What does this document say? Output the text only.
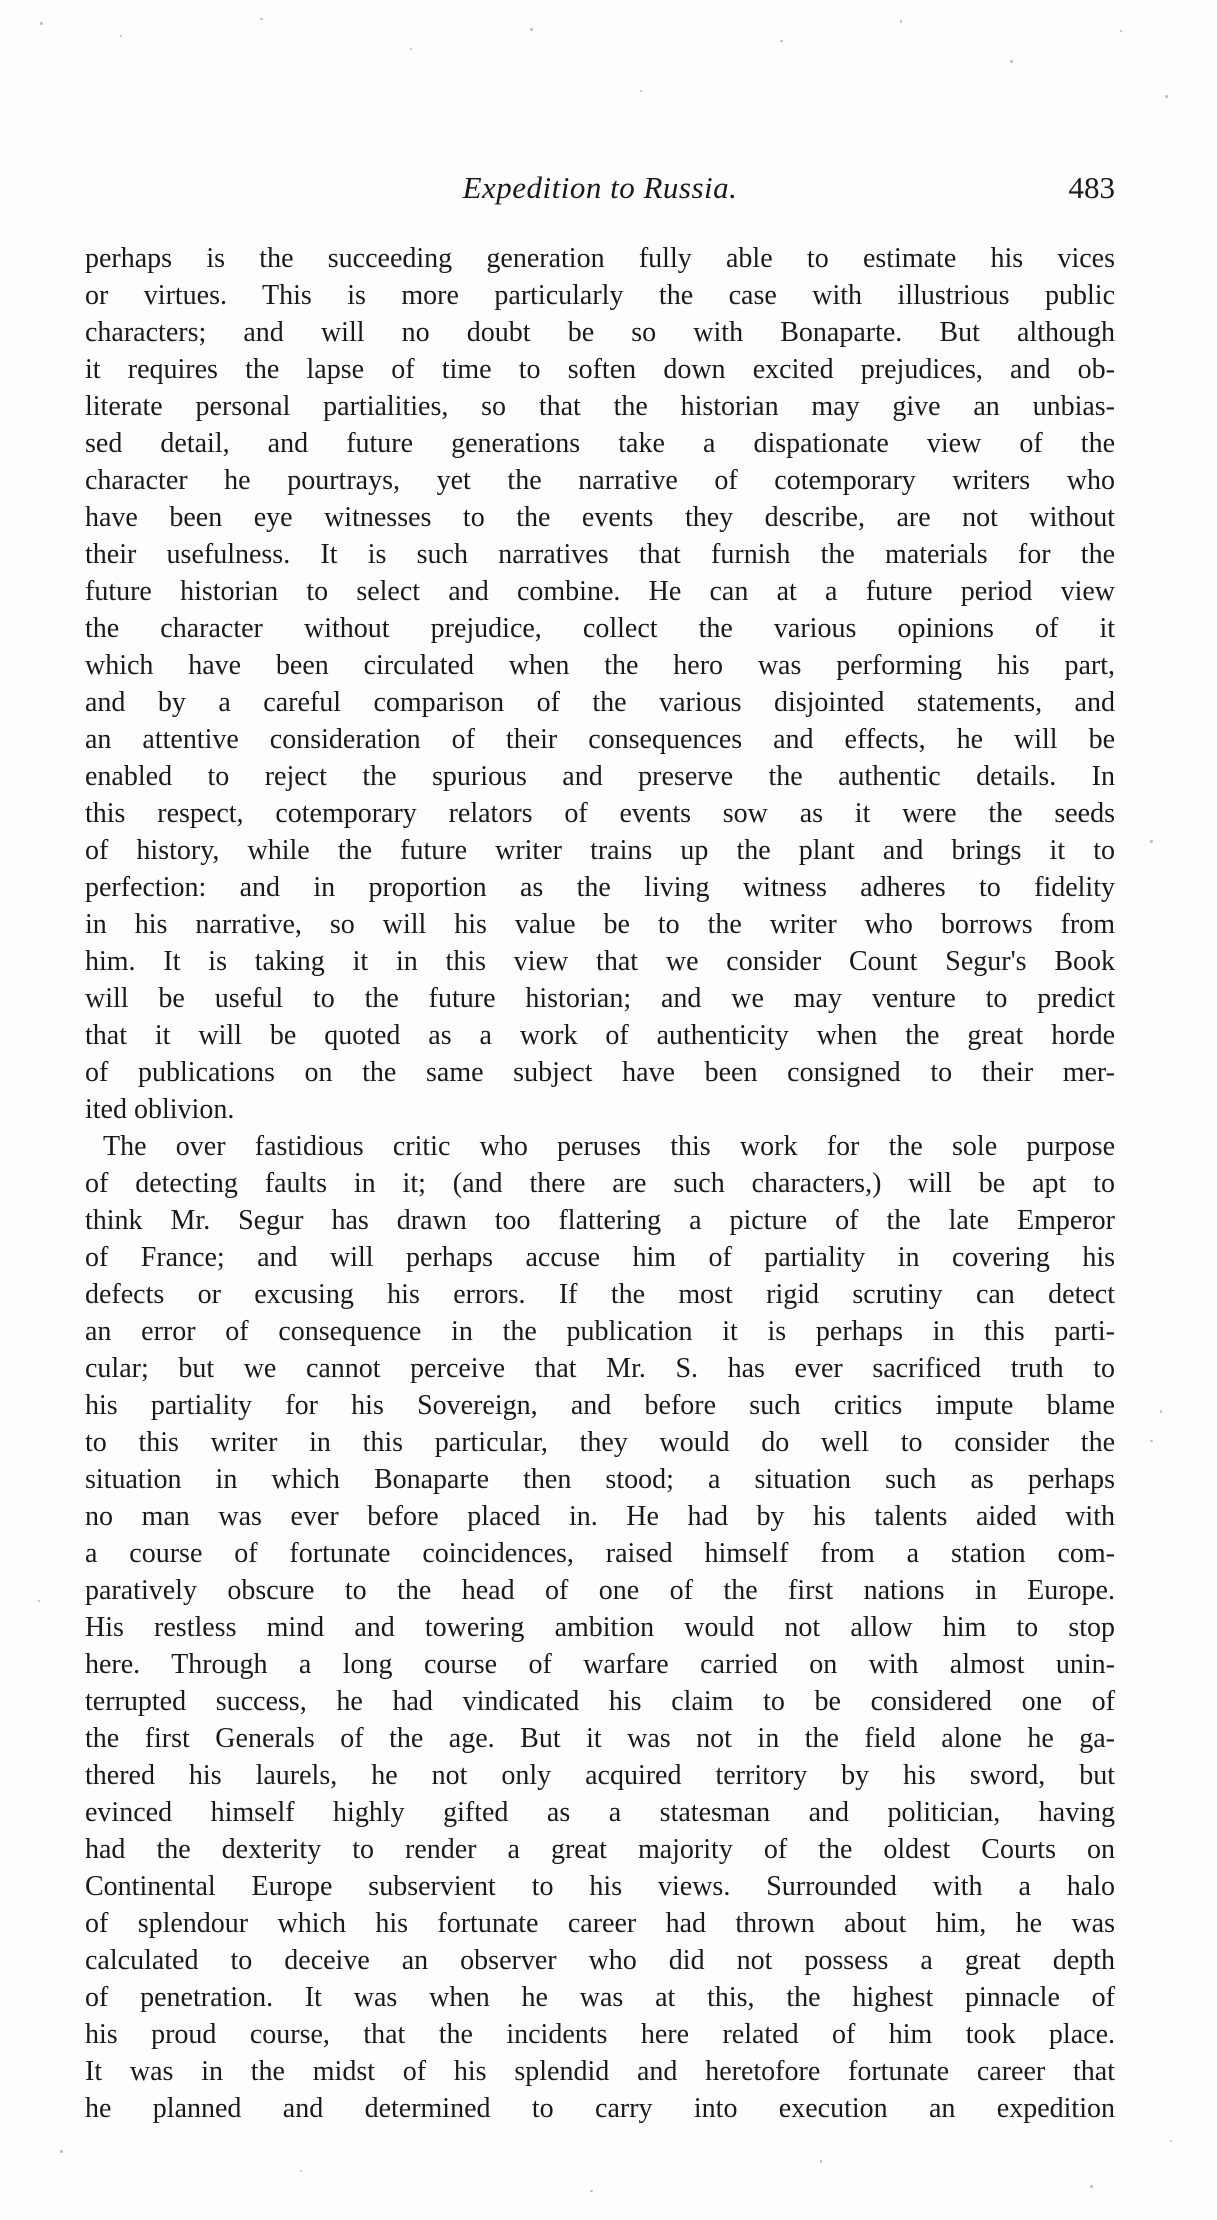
Expedition to Russia.	483

perhaps is the succeeding generation fully able to estimate his vices
or virtues. This is more particularly the case with illustrious public
characters; and will no doubt be so with Bonaparte. But although
it requires the lapse of time to soften down excited prejudices, and ob-
literate personal partialities, so that the historian may give an unbias-
sed detail, and future generations take a dispationate view of the
character he pourtrays, yet the narrative of cotemporary writers who
have been eye witnesses to the events they describe, are not without
their usefulness. It is such narratives that furnish the materials for the
future historian to select and combine. He can at a future period view
the character without prejudice, collect the various opinions of it
which have been circulated when the hero was performing his part,
and by a careful comparison of the various disjointed statements, and
an attentive consideration of their consequences and effects, he will be
enabled to reject the spurious and preserve the authentic details. In
this respect, cotemporary relators of events sow as it were the seeds
of history, while the future writer trains up the plant and brings it to
perfection: and in proportion as the living witness adheres to fidelity
in his narrative, so will his value be to the writer who borrows from
him. It is taking it in this view that we consider Count Segur's Book
will be useful to the future historian; and we may venture to predict
that it will be quoted as a work of authenticity when the great horde
of publications on the same subject have been consigned to their mer-
ited oblivion.

The over fastidious critic who peruses this work for the sole purpose
of detecting faults in it; (and there are such characters,) will be apt to
think Mr. Segur has drawn too flattering a picture of the late Emperor
of France; and will perhaps accuse him of partiality in covering his
defects or excusing his errors. If the most rigid scrutiny can detect
an error of consequence in the publication it is perhaps in this parti-
cular; but we cannot perceive that Mr. S. has ever sacrificed truth to
his partiality for his Sovereign, and before such critics impute blame
to this writer in this particular, they would do well to consider the
situation in which Bonaparte then stood; a situation such as perhaps
no man was ever before placed in. He had by his talents aided with
a course of fortunate coincidences, raised himself from a station com-
paratively obscure to the head of one of the first nations in Europe.
His restless mind and towering ambition would not allow him to stop
here. Through a long course of warfare carried on with almost unin-
terrupted success, he had vindicated his claim to be considered one of
the first Generals of the age. But it was not in the field alone he ga-
thered his laurels, he not only acquired territory by his sword, but
evinced himself highly gifted as a statesman and politician, having
had the dexterity to render a great majority of the oldest Courts on
Continental Europe subservient to his views. Surrounded with a halo
of splendour which his fortunate career had thrown about him, he was
calculated to deceive an observer who did not possess a great depth
of penetration. It was when he was at this, the highest pinnacle of
his proud course, that the incidents here related of him took place.
It was in the midst of his splendid and heretofore fortunate career that
he planned and determined to carry into execution an expedition
